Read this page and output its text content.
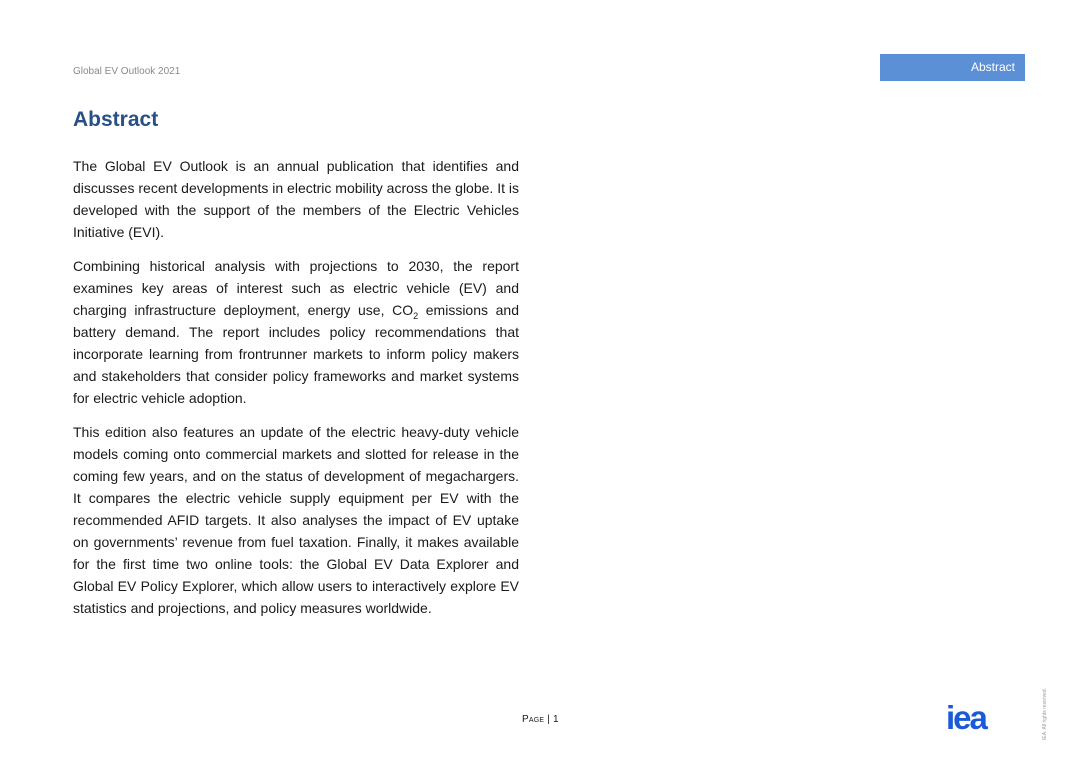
Global EV Outlook 2021	Abstract
Abstract

The Global EV Outlook is an annual publication that identifies and discusses recent developments in electric mobility across the globe. It is developed with the support of the members of the Electric Vehicles Initiative (EVI).

Combining historical analysis with projections to 2030, the report examines key areas of interest such as electric vehicle (EV) and charging infrastructure deployment, energy use, $CO_2$ emissions and battery demand. The report includes policy recommendations that incorporate learning from frontrunner markets to inform policy makers and stakeholders that consider policy frameworks and market systems for electric vehicle adoption.

This edition also features an update of the electric heavy-duty vehicle models coming onto commercial markets and slotted for release in the coming few years, and on the status of development of megachargers. It compares the electric vehicle supply equipment per EV with the recommended AFID targets. It also analyses the impact of EV uptake on governments’ revenue from fuel taxation. Finally, it makes available for the first time two online tools: the Global EV Data Explorer and Global EV Policy Explorer, which allow users to interactively explore EV statistics and projections, and policy measures worldwide.

Page | 1	iea	IEA. All rights reserved.
